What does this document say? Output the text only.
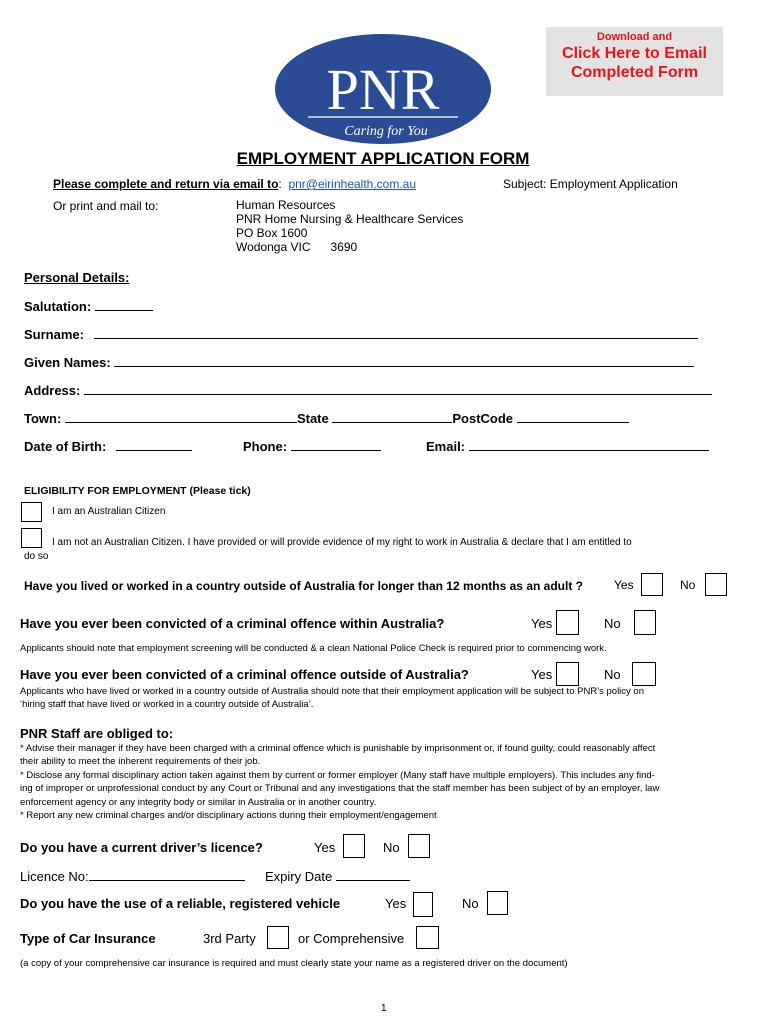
PNR
Caring for You
Download and
Click Here to Email
Completed Form
EMPLOYMENT APPLICATION FORM
Please complete and return via email to: pnr@eirinhealth.com.au	Subject: Employment Application
Or print and mail to:	Human Resources
PNR Home Nursing & Healthcare Services
PO Box 1600
Wodonga VIC      3690
Personal Details:
Salutation:
Surname:
Given Names:
Address:
Town:	State	PostCode
Date of Birth:	Phone:	Email:
ELIGIBILITY FOR EMPLOYMENT (Please tick)
I am an Australian Citizen
I am not an Australian Citizen. I have provided or will provide evidence of my right to work in Australia & declare that I am entitled to
do so
Have you lived or worked in a country outside of Australia for longer than 12 months as an adult ?	Yes	No
Have you ever been convicted of a criminal offence within Australia?	Yes	No
Applicants should note that employment screening will be conducted & a clean National Police Check is required prior to commencing work.
Have you ever been convicted of a criminal offence outside of Australia?	Yes	No
Applicants who have lived or worked in a country outside of Australia should note that their employment application will be subject to PNR’s policy on
‘hiring staff that have lived or worked in a country outside of Australia’.
PNR Staff are obliged to:
* Advise their manager if they have been charged with a criminal offence which is punishable by imprisonment or, if found guilty, could reasonably affect
their ability to meet the inherent requirements of their job.
* Disclose any formal disciplinary action taken against them by current or former employer (Many staff have multiple employers). This includes any find-
ing of improper or unprofessional conduct by any Court or Tribunal and any investigations that the staff member has been subject of by an employer, law
enforcement agency or any integrity body or similar in Australia or in another country.
* Report any new criminal charges and/or disciplinary actions during their employment/engagement
Do you have a current driver’s licence?	Yes	No
Licence No:	Expiry Date
Do you have the use of a reliable, registered vehicle	Yes	No
Type of Car Insurance	3rd Party	or Comprehensive
(a copy of your comprehensive car insurance is required and must clearly state your name as a registered driver on the document)
1
